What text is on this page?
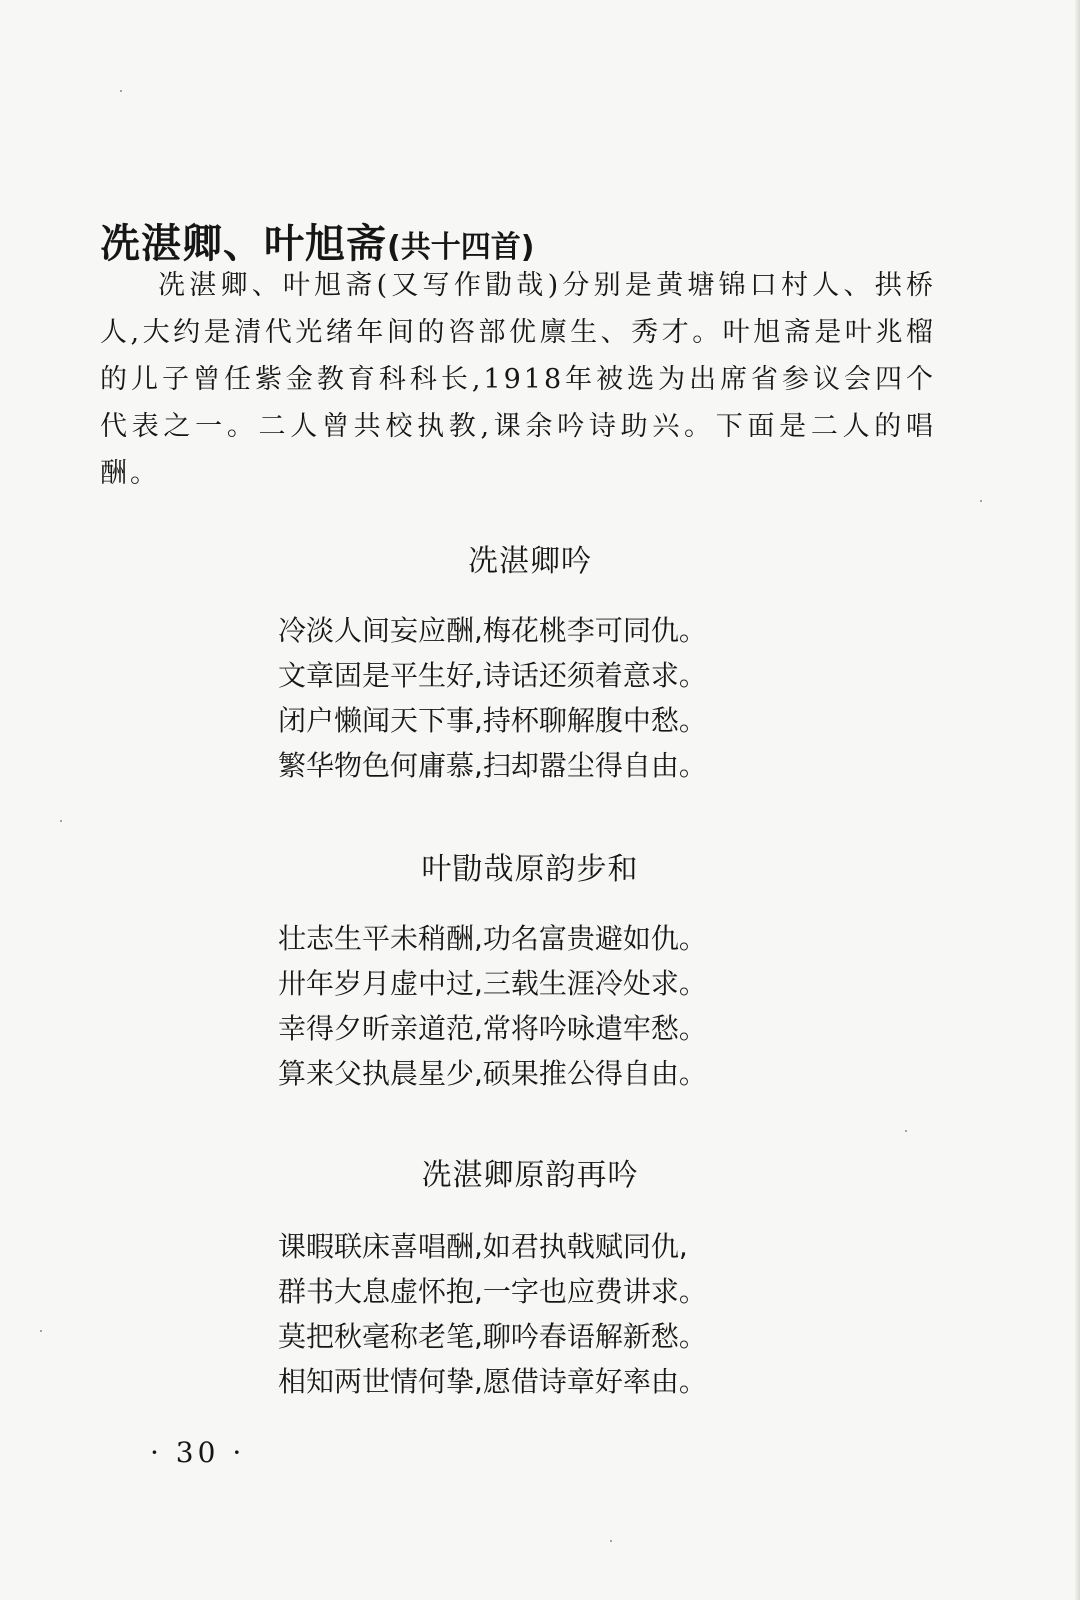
冼湛卿、叶旭斋(共十四首)

冼湛卿、叶旭斋(又写作勖哉)分别是黄塘锦口村人、拱桥人,大约是清代光绪年间的咨部优廪生、秀才。叶旭斋是叶兆榴的儿子曾任紫金教育科科长,1918年被选为出席省参议会四个代表之一。二人曾共校执教,课余吟诗助兴。下面是二人的唱酬。

冼湛卿吟
冷淡人间妄应酬,梅花桃李可同仇。
文章固是平生好,诗话还须着意求。
闭户懒闻天下事,持杯聊解腹中愁。
繁华物色何庸慕,扫却嚣尘得自由。
叶勖哉原韵步和
壮志生平未稍酬,功名富贵避如仇。
卅年岁月虚中过,三载生涯冷处求。
幸得夕昕亲道范,常将吟咏遣牢愁。
算来父执晨星少,硕果推公得自由。
冼湛卿原韵再吟
课暇联床喜唱酬,如君执戟赋同仇,
群书大息虚怀抱,一字也应费讲求。
莫把秋毫称老笔,聊吟春语解新愁。
相知两世情何挚,愿借诗章好率由。

· 30 ·
